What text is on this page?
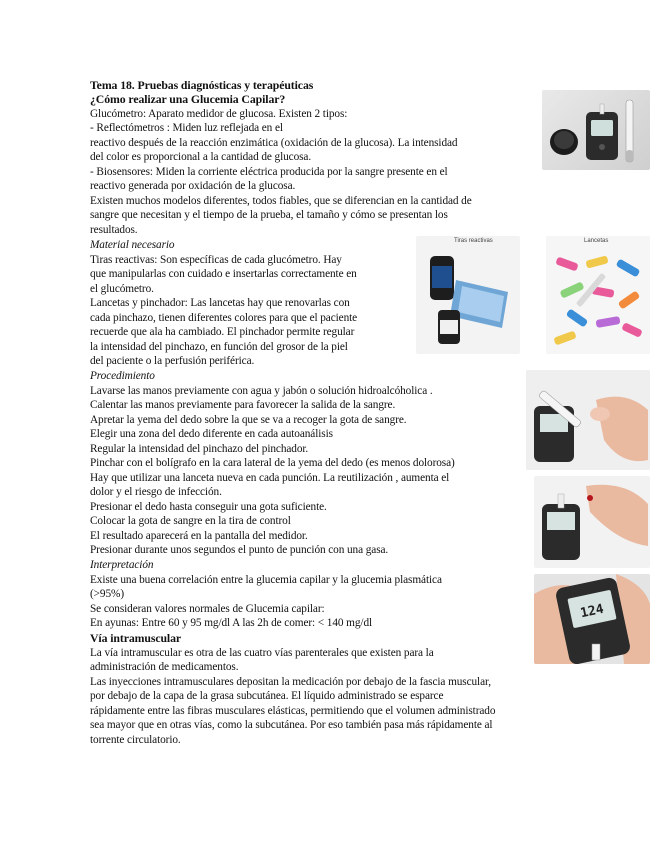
Tema 18. Pruebas diagnósticas y terapéuticas
¿Cómo realizar una Glucemia Capilar?
Glucómetro: Aparato medidor de glucosa. Existen 2 tipos:
- Reflectómetros : Miden luz reflejada en el
reactivo después de la reacción enzimática (oxidación de la glucosa). La intensidad
del color es proporcional a la cantidad de glucosa.
- Biosensores: Miden la corriente eléctrica producida por la sangre presente en el
reactivo generada por oxidación de la glucosa.
Existen muchos modelos diferentes, todos fiables, que se diferencian en la cantidad de
sangre que necesitan y el tiempo de la prueba, el tamaño y cómo se presentan los
resultados.
Material necesario
Tiras reactivas: Son específicas de cada glucómetro. Hay
que manipularlas con cuidado e insertarlas correctamente en
el glucómetro.
Lancetas y pinchador: Las lancetas hay que renovarlas con
cada pinchazo, tienen diferentes colores para que el paciente
recuerde que ala ha cambiado. El pinchador permite regular
la intensidad del pinchazo, en función del grosor de la piel
del paciente o la perfusión periférica.
Procedimiento
Lavarse las manos previamente con agua y jabón o solución hidroalcóholica .
Calentar las manos previamente para favorecer la salida de la sangre.
Apretar la yema del dedo sobre la que se va a recoger la gota de sangre.
Elegir una zona del dedo diferente en cada autoanálisis
Regular la intensidad del pinchazo del pinchador.
Pinchar con el bolígrafo en la cara lateral de la yema del dedo (es menos dolorosa)
Hay que utilizar una lanceta nueva en cada punción. La reutilización , aumenta el
dolor y el riesgo de infección.
Presionar el dedo hasta conseguir una gota suficiente.
Colocar la gota de sangre en la tira de control
El resultado aparecerá en la pantalla del medidor.
Presionar durante unos segundos el punto de punción con una gasa.
Interpretación
Existe una buena correlación entre la glucemia capilar y la glucemia plasmática
(>95%)
Se consideran valores normales de Glucemia capilar:
En ayunas: Entre 60 y 95 mg/dl A las 2h de comer: < 140 mg/dl
Vía intramuscular
La vía intramuscular es otra de las cuatro vías parenterales que existen para la
administración de medicamentos.
Las inyecciones intramusculares depositan la medicación por debajo de la fascia muscular,
por debajo de la capa de la grasa subcutánea. El líquido administrado se esparce
rápidamente entre las fibras musculares elásticas, permitiendo que el volumen administrado
sea mayor que en otras vías, como la subcutánea. Por eso también pasa más rápidamente al
torrente circulatorio.
Tiras reactivas	Lancetas
124
